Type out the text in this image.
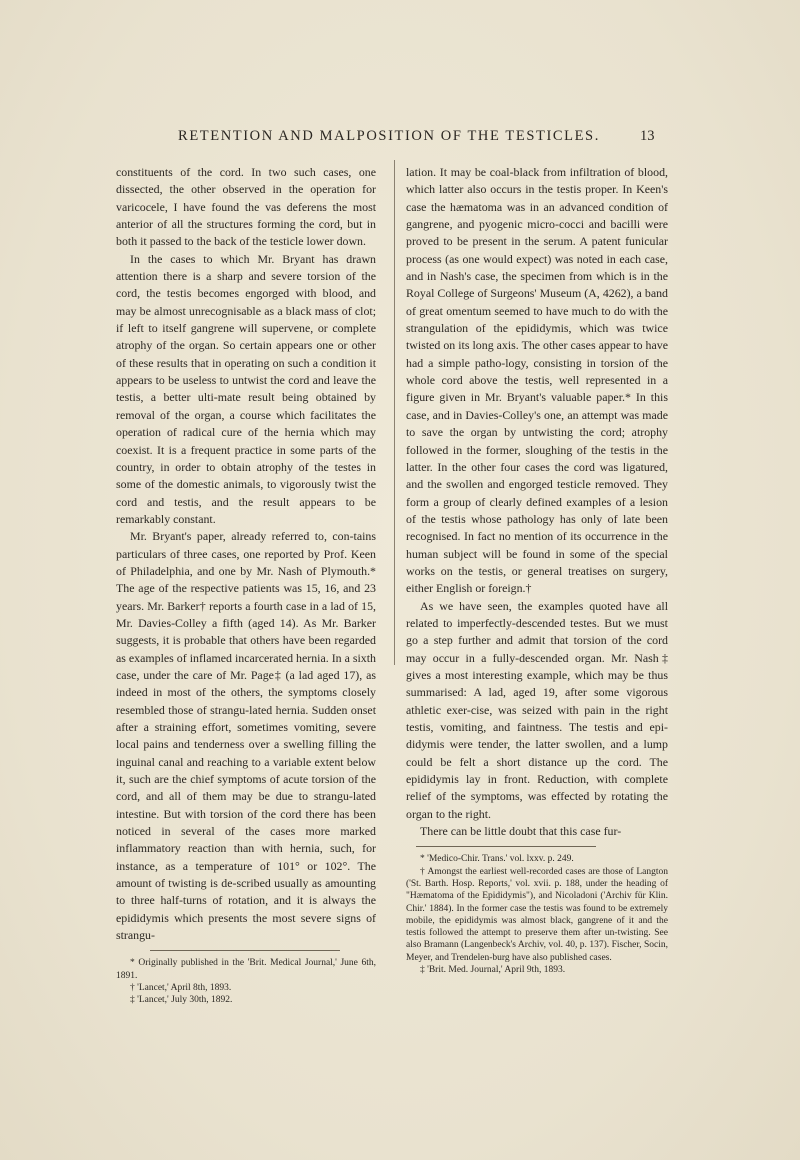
RETENTION AND MALPOSITION OF THE TESTICLES.	13

constituents of the cord. In two such cases, one dissected, the other observed in the operation for varicocele, I have found the vas deferens the most anterior of all the structures forming the cord, but in both it passed to the back of the testicle lower down.

In the cases to which Mr. Bryant has drawn attention there is a sharp and severe torsion of the cord, the testis becomes engorged with blood, and may be almost unrecognisable as a black mass of clot; if left to itself gangrene will supervene, or complete atrophy of the organ. So certain appears one or other of these results that in operating on such a condition it appears to be useless to untwist the cord and leave the testis, a better ulti-mate result being obtained by removal of the organ, a course which facilitates the operation of radical cure of the hernia which may coexist. It is a frequent practice in some parts of the country, in order to obtain atrophy of the testes in some of the domestic animals, to vigorously twist the cord and testis, and the result appears to be remarkably constant.

Mr. Bryant's paper, already referred to, con-tains particulars of three cases, one reported by Prof. Keen of Philadelphia, and one by Mr. Nash of Plymouth.* The age of the respective patients was 15, 16, and 23 years. Mr. Barker† reports a fourth case in a lad of 15, Mr. Davies-Colley a fifth (aged 14). As Mr. Barker suggests, it is probable that others have been regarded as examples of inflamed incarcerated hernia. In a sixth case, under the care of Mr. Page‡ (a lad aged 17), as indeed in most of the others, the symptoms closely resembled those of strangu-lated hernia. Sudden onset after a straining effort, sometimes vomiting, severe local pains and tenderness over a swelling filling the inguinal canal and reaching to a variable extent below it, such are the chief symptoms of acute torsion of the cord, and all of them may be due to strangu-lated intestine. But with torsion of the cord there has been noticed in several of the cases more marked inflammatory reaction than with hernia, such, for instance, as a temperature of 101° or 102°. The amount of twisting is de-scribed usually as amounting to three half-turns of rotation, and it is always the epididymis which presents the most severe signs of strangu-

* Originally published in the 'Brit. Medical Journal,' June 6th, 1891.

† 'Lancet,' April 8th, 1893.

‡ 'Lancet,' July 30th, 1892.

lation. It may be coal-black from infiltration of blood, which latter also occurs in the testis proper. In Keen's case the hæmatoma was in an advanced condition of gangrene, and pyogenic micro-cocci and bacilli were proved to be present in the serum. A patent funicular process (as one would expect) was noted in each case, and in Nash's case, the specimen from which is in the Royal College of Surgeons' Museum (A, 4262), a band of great omentum seemed to have much to do with the strangulation of the epididymis, which was twice twisted on its long axis. The other cases appear to have had a simple patho-logy, consisting in torsion of the whole cord above the testis, well represented in a figure given in Mr. Bryant's valuable paper.* In this case, and in Davies-Colley's one, an attempt was made to save the organ by untwisting the cord; atrophy followed in the former, sloughing of the testis in the latter. In the other four cases the cord was ligatured, and the swollen and engorged testicle removed. They form a group of clearly defined examples of a lesion of the testis whose pathology has only of late been recognised. In fact no mention of its occurrence in the human subject will be found in some of the special works on the testis, or general treatises on surgery, either English or foreign.†

As we have seen, the examples quoted have all related to imperfectly-descended testes. But we must go a step further and admit that torsion of the cord may occur in a fully-descended organ. Mr. Nash‡ gives a most interesting example, which may be thus summarised: A lad, aged 19, after some vigorous athletic exer-cise, was seized with pain in the right testis, vomiting, and faintness. The testis and epi-didymis were tender, the latter swollen, and a lump could be felt a short distance up the cord. The epididymis lay in front. Reduction, with complete relief of the symptoms, was effected by rotating the organ to the right.

There can be little doubt that this case fur-

* 'Medico-Chir. Trans.' vol. lxxv. p. 249.

† Amongst the earliest well-recorded cases are those of Langton ('St. Barth. Hosp. Reports,' vol. xvii. p. 188, under the heading of "Hæmatoma of the Epididymis"), and Nicoladoni ('Archiv für Klin. Chir.' 1884). In the former case the testis was found to be extremely mobile, the epididymis was almost black, gangrene of it and the testis followed the attempt to preserve them after un-twisting. See also Bramann (Langenbeck's Archiv, vol. 40, p. 137). Fischer, Socin, Meyer, and Trendelen-burg have also published cases.

‡ 'Brit. Med. Journal,' April 9th, 1893.
